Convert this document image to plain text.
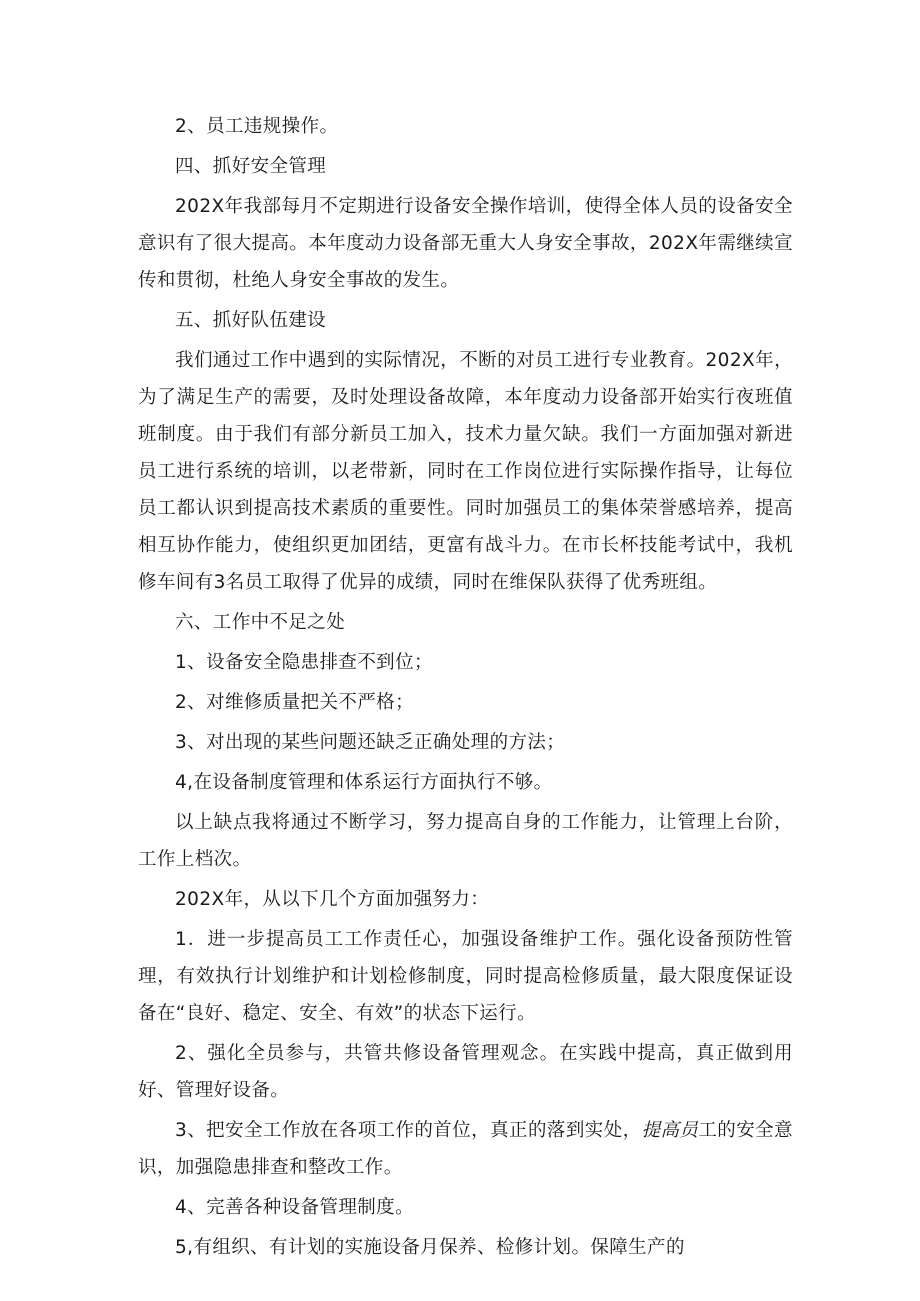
2、员工违规操作。

四、抓好安全管理

202X年我部每月不定期进行设备安全操作培训，使得全体人员的设备安全意识有了很大提高。本年度动力设备部无重大人身安全事故，202X年需继续宣传和贯彻，杜绝人身安全事故的发生。

五、抓好队伍建设

我们通过工作中遇到的实际情况，不断的对员工进行专业教育。202X年，为了满足生产的需要，及时处理设备故障，本年度动力设备部开始实行夜班值班制度。由于我们有部分新员工加入，技术力量欠缺。我们一方面加强对新进员工进行系统的培训，以老带新，同时在工作岗位进行实际操作指导，让每位员工都认识到提高技术素质的重要性。同时加强员工的集体荣誉感培养，提高相互协作能力，使组织更加团结，更富有战斗力。在市长杯技能考试中，我机修车间有3名员工取得了优异的成绩，同时在维保队获得了优秀班组。

六、工作中不足之处

1、设备安全隐患排查不到位；

2、对维修质量把关不严格；

3、对出现的某些问题还缺乏正确处理的方法；

4,在设备制度管理和体系运行方面执行不够。

以上缺点我将通过不断学习，努力提高自身的工作能力，让管理上台阶，工作上档次。

202X年，从以下几个方面加强努力：

1．进一步提高员工工作责任心，加强设备维护工作。强化设备预防性管理，有效执行计划维护和计划检修制度，同时提高检修质量，最大限度保证设备在“良好、稳定、安全、有效”的状态下运行。

2、强化全员参与，共管共修设备管理观念。在实践中提高，真正做到用好、管理好设备。

3、把安全工作放在各项工作的首位，真正的落到实处，提高员工的安全意识，加强隐患排查和整改工作。

4、完善各种设备管理制度。

5,有组织、有计划的实施设备月保养、检修计划。保障生产的
